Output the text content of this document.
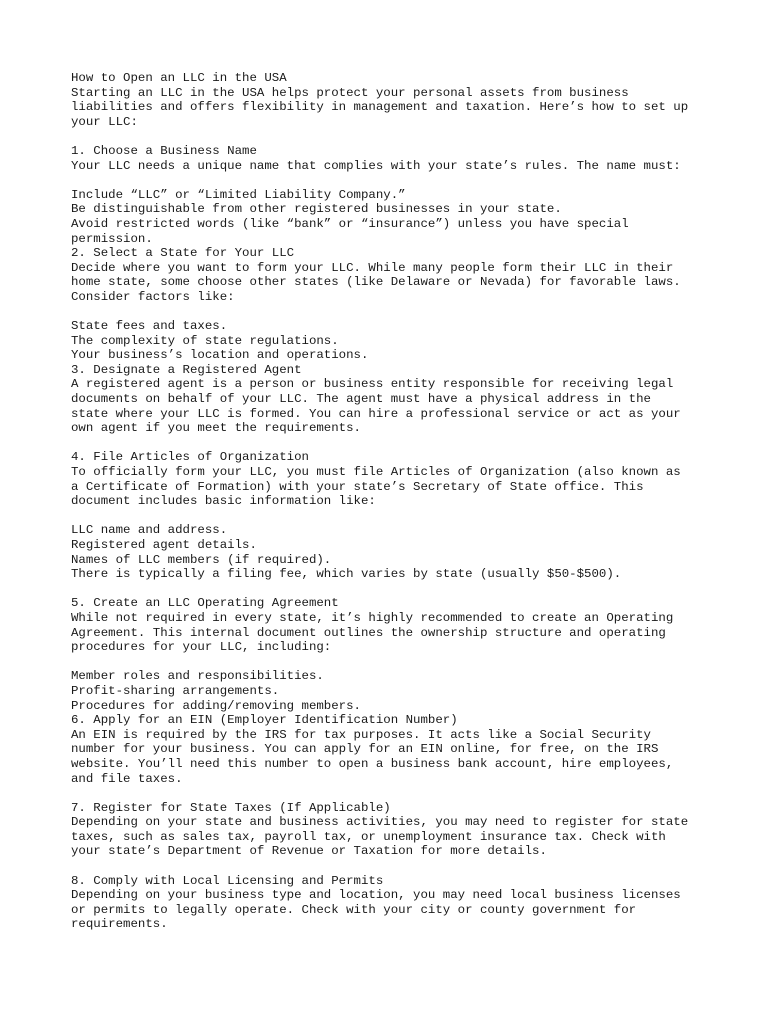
How to Open an LLC in the USA
Starting an LLC in the USA helps protect your personal assets from business
liabilities and offers flexibility in management and taxation. Here’s how to set up
your LLC:
1. Choose a Business Name
Your LLC needs a unique name that complies with your state’s rules. The name must:
Include “LLC” or “Limited Liability Company.”
Be distinguishable from other registered businesses in your state.
Avoid restricted words (like “bank” or “insurance”) unless you have special
permission.
2. Select a State for Your LLC
Decide where you want to form your LLC. While many people form their LLC in their
home state, some choose other states (like Delaware or Nevada) for favorable laws.
Consider factors like:
State fees and taxes.
The complexity of state regulations.
Your business’s location and operations.
3. Designate a Registered Agent
A registered agent is a person or business entity responsible for receiving legal
documents on behalf of your LLC. The agent must have a physical address in the
state where your LLC is formed. You can hire a professional service or act as your
own agent if you meet the requirements.
4. File Articles of Organization
To officially form your LLC, you must file Articles of Organization (also known as
a Certificate of Formation) with your state’s Secretary of State office. This
document includes basic information like:
LLC name and address.
Registered agent details.
Names of LLC members (if required).
There is typically a filing fee, which varies by state (usually $50-$500).
5. Create an LLC Operating Agreement
While not required in every state, it’s highly recommended to create an Operating
Agreement. This internal document outlines the ownership structure and operating
procedures for your LLC, including:
Member roles and responsibilities.
Profit-sharing arrangements.
Procedures for adding/removing members.
6. Apply for an EIN (Employer Identification Number)
An EIN is required by the IRS for tax purposes. It acts like a Social Security
number for your business. You can apply for an EIN online, for free, on the IRS
website. You’ll need this number to open a business bank account, hire employees,
and file taxes.
7. Register for State Taxes (If Applicable)
Depending on your state and business activities, you may need to register for state
taxes, such as sales tax, payroll tax, or unemployment insurance tax. Check with
your state’s Department of Revenue or Taxation for more details.
8. Comply with Local Licensing and Permits
Depending on your business type and location, you may need local business licenses
or permits to legally operate. Check with your city or county government for
requirements.
